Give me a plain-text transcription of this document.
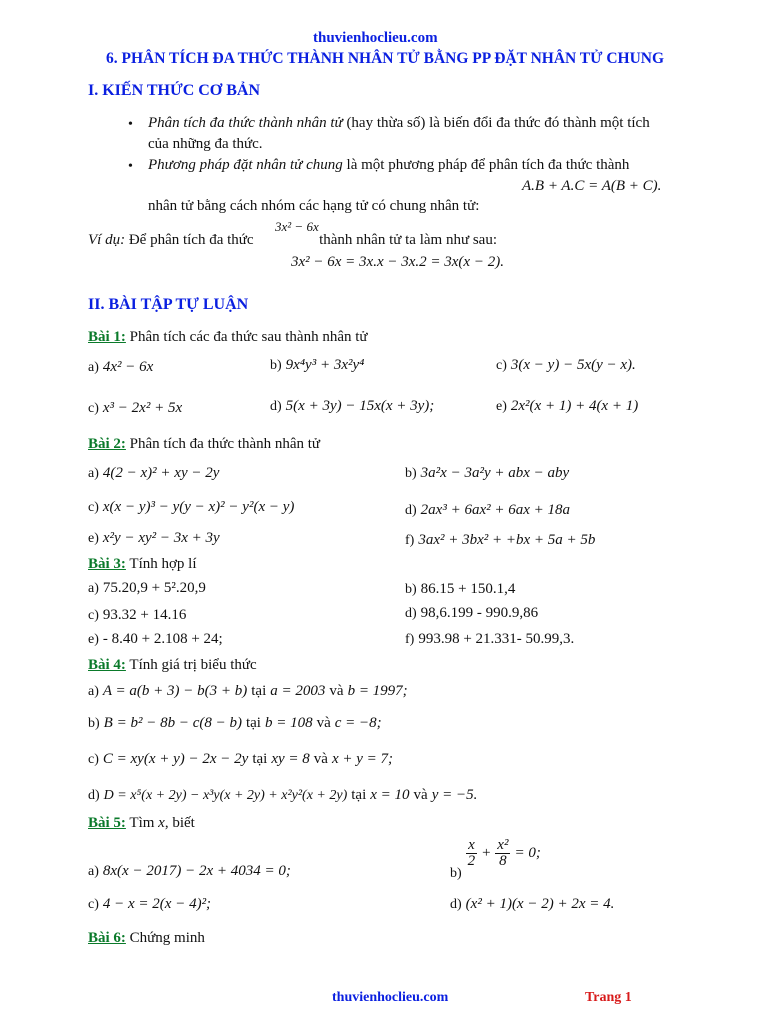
thuvienhoclieu.com
6. PHÂN TÍCH ĐA THỨC THÀNH NHÂN TỬ BẰNG PP ĐẶT NHÂN TỬ CHUNG
I. KIẾN THỨC CƠ BẢN
• Phân tích đa thức thành nhân tử (hay thừa số) là biến đổi đa thức đó thành một tích
của những đa thức.
• Phương pháp đặt nhân tử chung là một phương pháp để phân tích đa thức thành
A.B + A.C = A(B + C).
nhân tử bằng cách nhóm các hạng tử có chung nhân tử:
3x² − 6x
Ví dụ: Để phân tích đa thức	thành nhân tử ta làm như sau:
3x² − 6x = 3x.x − 3x.2 = 3x(x − 2).
II. BÀI TẬP TỰ LUẬN
Bài 1: Phân tích các đa thức sau thành nhân tử
a) 4x² − 6x	b) 9x⁴y³ + 3x²y⁴	c) 3(x − y) − 5x(y − x).
c) x³ − 2x² + 5x	d) 5(x + 3y) − 15x(x + 3y);	e) 2x²(x + 1) + 4(x + 1)
Bài 2: Phân tích đa thức thành nhân tử
a) 4(2 − x)² + xy − 2y	b) 3a²x − 3a²y + abx − aby
c) x(x − y)³ − y(y − x)² − y²(x − y)	d) 2ax³ + 6ax² + 6ax + 18a
e) x²y − xy² − 3x + 3y	f) 3ax² + 3bx² + +bx + 5a + 5b
Bài 3: Tính hợp lí
a) 75.20,9 + 5².20,9	b) 86.15 + 150.1,4
c) 93.32 + 14.16	d) 98,6.199 - 990.9,86
e) - 8.40 + 2.108 + 24;	f) 993.98 + 21.331- 50.99,3.
Bài 4: Tính giá trị biểu thức
a) A = a(b + 3) − b(3 + b) tại a = 2003 và b = 1997;
b) B = b² − 8b − c(8 − b) tại b = 108 và c = −8;
c) C = xy(x + y) − 2x − 2y tại xy = 8 và x + y = 7;
d) D = x⁵(x + 2y) − x³y(x + 2y) + x²y²(x + 2y) tại x = 10 và y = −5.
Bài 5: Tìm x, biết
a) 8x(x − 2017) − 2x + 4034 = 0;	b)
$\frac{x}{2} + \frac{\text{x²}}{8} = 0$;
c) 4 − x = 2(x − 4)²;	d) (x² + 1)(x − 2) + 2x = 4.
Bài 6: Chứng minh
thuvienhoclieu.com	Trang 1
